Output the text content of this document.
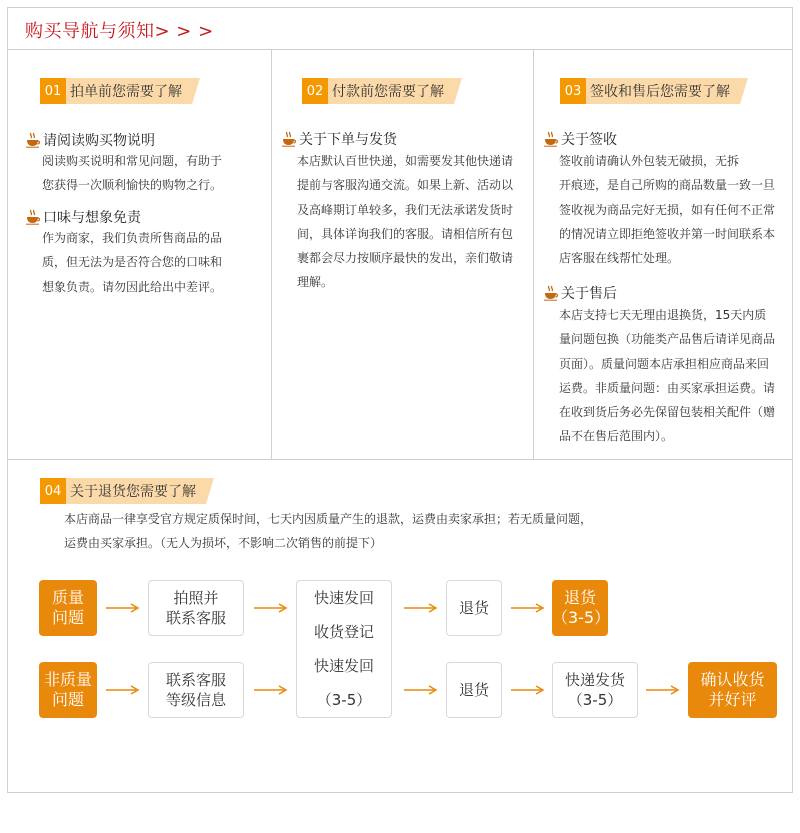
购买导航与须知> > >
01 拍单前您需要了解
请阅读购买物说明
阅读购买说明和常见问题，有助于
您获得一次顺利愉快的购物之行。
口味与想象免责
作为商家，我们负责所售商品的品
质，但无法为是否符合您的口味和
想象负责。请勿因此给出中差评。
02 付款前您需要了解
关于下单与发货
本店默认百世快递，如需要发其他快递请
提前与客服沟通交流。如果上新、活动以
及高峰期订单较多，我们无法承诺发货时
间，具体详询我们的客服。请相信所有包
裹都会尽力按顺序最快的发出，亲们敬请
理解。
03 签收和售后您需要了解
关于签收
签收前请确认外包装无破损，无拆
开痕迹，是自己所购的商品数量一致一旦
签收视为商品完好无损，如有任何不正常
的情况请立即拒绝签收并第一时间联系本
店客服在线帮忙处理。
关于售后
本店支持七天无理由退换货，15天内质
量问题包换（功能类产品售后请详见商品
页面）。质量问题本店承担相应商品来回
运费。非质量问题：由买家承担运费。请
在收到货后务必先保留包装相关配件（赠
品不在售后范围内）。
04 关于退货您需要了解
本店商品一律享受官方规定质保时间，七天内因质量产生的退款，运费由卖家承担；若无质量问题，
运费由买家承担。（无人为损坏，不影响二次销售的前提下）
质量
问题
拍照并
联系客服
快速发回
收货登记
快速发回
（3-5）
退货
退货
（3-5）
非质量
问题
联系客服
等级信息
退货
快递发货
（3-5）
确认收货
并好评
